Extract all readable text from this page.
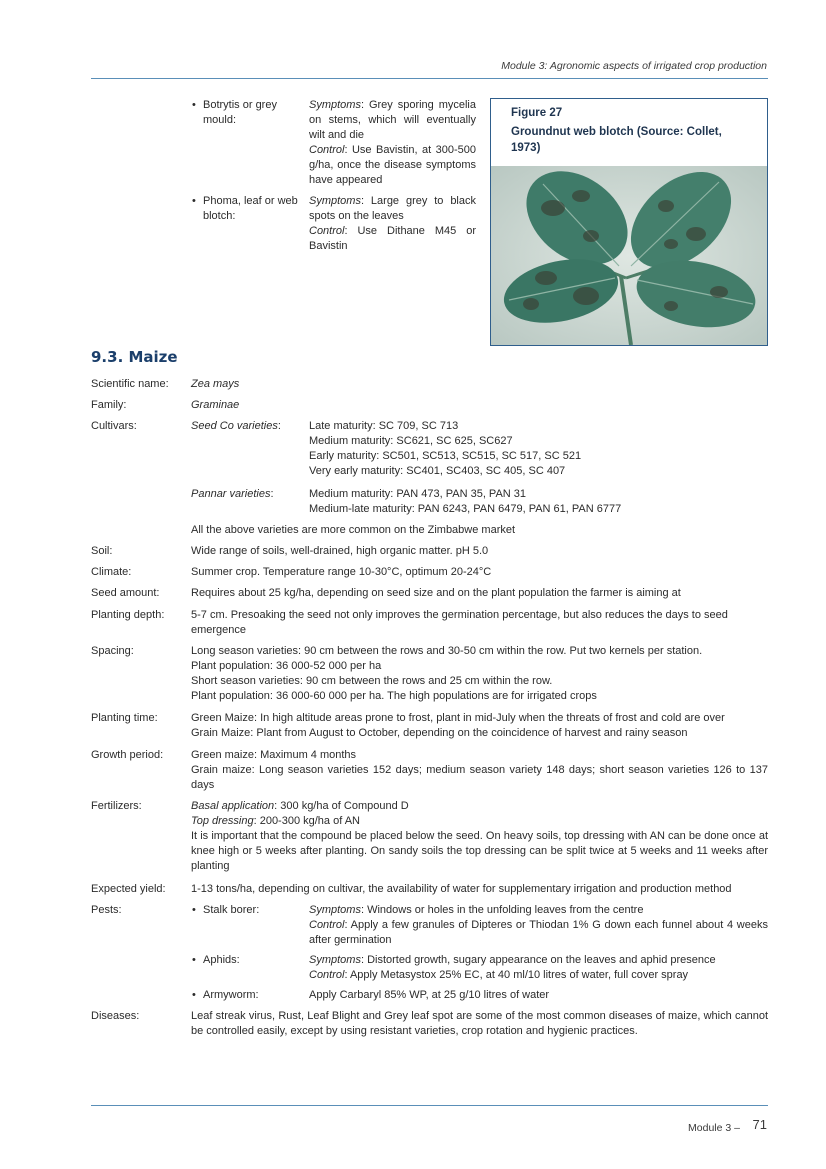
Module 3: Agronomic aspects of irrigated crop production
• Botrytis or grey mould:
Symptoms: Grey sporing mycelia on stems, which will eventually wilt and die
Control: Use Bavistin, at 300-500 g/ha, once the disease symptoms have appeared
• Phoma, leaf or web blotch:
Symptoms: Large grey to black spots on the leaves
Control: Use Dithane M45 or Bavistin
Figure 27
Groundnut web blotch (Source: Collet, 1973)
9.3. Maize
Scientific name: Zea mays
Family:	Graminae
Cultivars:	Seed Co varieties:	Late maturity: SC 709, SC 713
Medium maturity: SC621, SC 625, SC627
Early maturity: SC501, SC513, SC515, SC 517, SC 521
Very early maturity: SC401, SC403, SC 405, SC 407
Pannar varieties:	Medium maturity: PAN 473, PAN 35, PAN 31
Medium-late maturity: PAN 6243, PAN 6479, PAN 61, PAN 6777
All the above varieties are more common on the Zimbabwe market
Soil:	Wide range of soils, well-drained, high organic matter. pH 5.0
Climate:	Summer crop. Temperature range 10-30°C, optimum 20-24°C
Seed amount:	Requires about 25 kg/ha, depending on seed size and on the plant population the farmer is aiming at
Planting depth: 5-7 cm. Presoaking the seed not only improves the germination percentage, but also reduces the days to seed emergence
Spacing:	Long season varieties: 90 cm between the rows and 30-50 cm within the row. Put two kernels per station.
Plant population: 36 000-52 000 per ha
Short season varieties: 90 cm between the rows and 25 cm within the row.
Plant population: 36 000-60 000 per ha. The high populations are for irrigated crops
Planting time:	Green Maize: In high altitude areas prone to frost, plant in mid-July when the threats of frost and cold are over
Grain Maize: Plant from August to October, depending on the coincidence of harvest and rainy season
Growth period:	Green maize: Maximum 4 months
Grain maize: Long season varieties 152 days; medium season variety 148 days; short season varieties 126 to 137 days
Fertilizers:	Basal application: 300 kg/ha of Compound D
Top dressing: 200-300 kg/ha of AN
It is important that the compound be placed below the seed. On heavy soils, top dressing with AN can be done once at knee high or 5 weeks after planting. On sandy soils the top dressing can be split twice at 5 weeks and 11 weeks after planting
Expected yield: 1-13 tons/ha, depending on cultivar, the availability of water for supplementary irrigation and production method
Pests:
•	Stalk borer:	Symptoms: Windows or holes in the unfolding leaves from the centre
Control: Apply a few granules of Dipteres or Thiodan 1% G down each funnel about 4 weeks after germination
• Aphids:	Symptoms: Distorted growth, sugary appearance on the leaves and aphid presence
Control: Apply Metasystox 25% EC, at 40 ml/10 litres of water, full cover spray
• Armyworm:	Apply Carbaryl 85% WP, at 25 g/10 litres of water
Diseases:	Leaf streak virus, Rust, Leaf Blight and Grey leaf spot are some of the most common diseases of maize, which cannot be controlled easily, except by using resistant varieties, crop rotation and hygienic practices.
Module 3 – 71
